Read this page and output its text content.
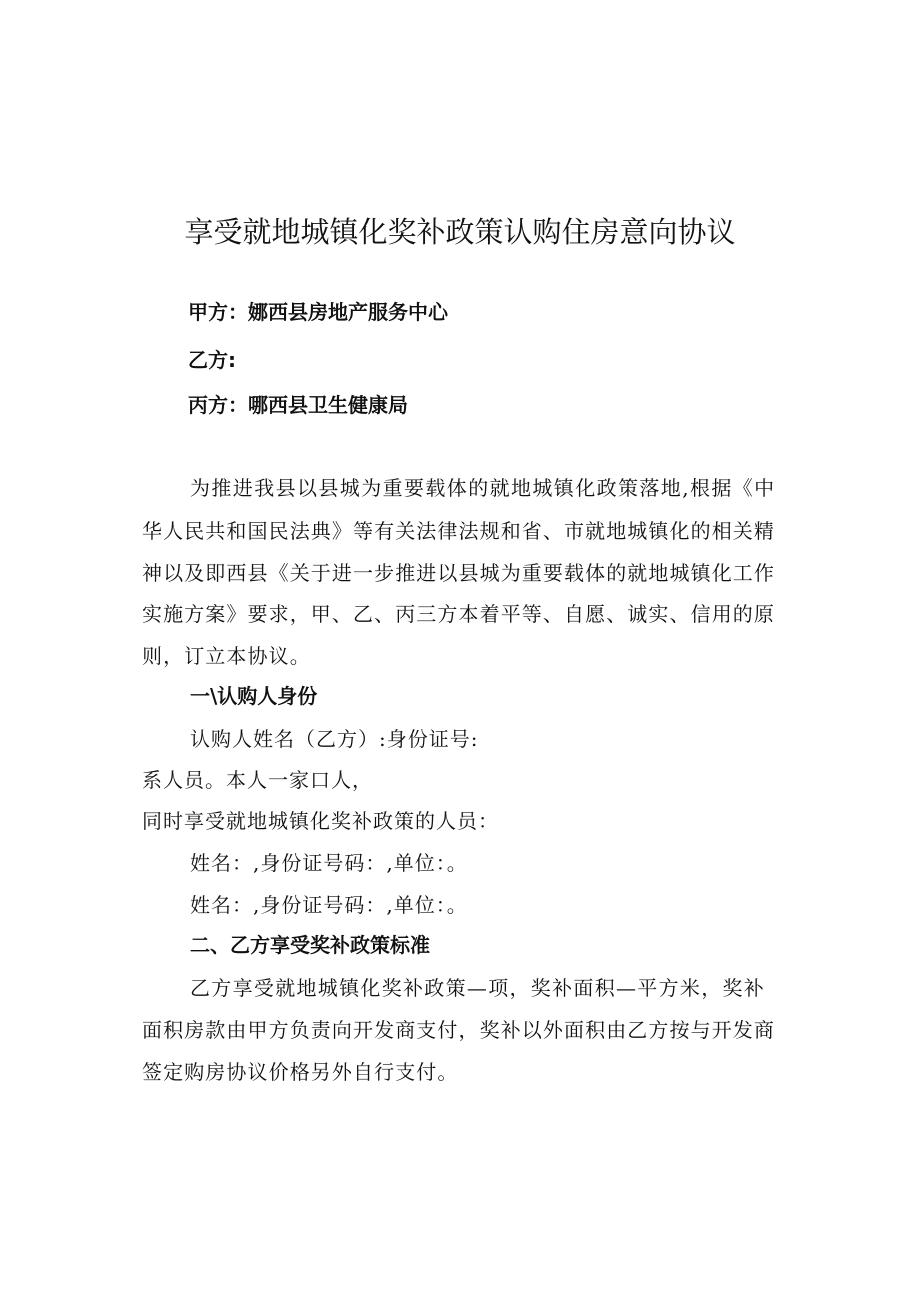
享受就地城镇化奖补政策认购住房意向协议
甲方：娜西县房地产服务中心
乙方:
丙方：哪西县卫生健康局
为推进我县以县城为重要载体的就地城镇化政策落地,根据《中
华人民共和国民法典》等有关法律法规和省、市就地城镇化的相关精
神以及即西县《关于进一步推进以县城为重要载体的就地城镇化工作
实施方案》要求，甲、乙、丙三方本着平等、自愿、诚实、信用的原
则，订立本协议。
一\认购人身份
认购人姓名（乙方）:身份证号:
系人员。本人一家口人，
同时享受就地城镇化奖补政策的人员：
姓名：,身份证号码：,单位：。
姓名：,身份证号码：,单位：。
二、乙方享受奖补政策标准
乙方享受就地城镇化奖补政策—项，奖补面积—平方米，奖补
面积房款由甲方负责向开发商支付，奖补以外面积由乙方按与开发商
签定购房协议价格另外自行支付。
